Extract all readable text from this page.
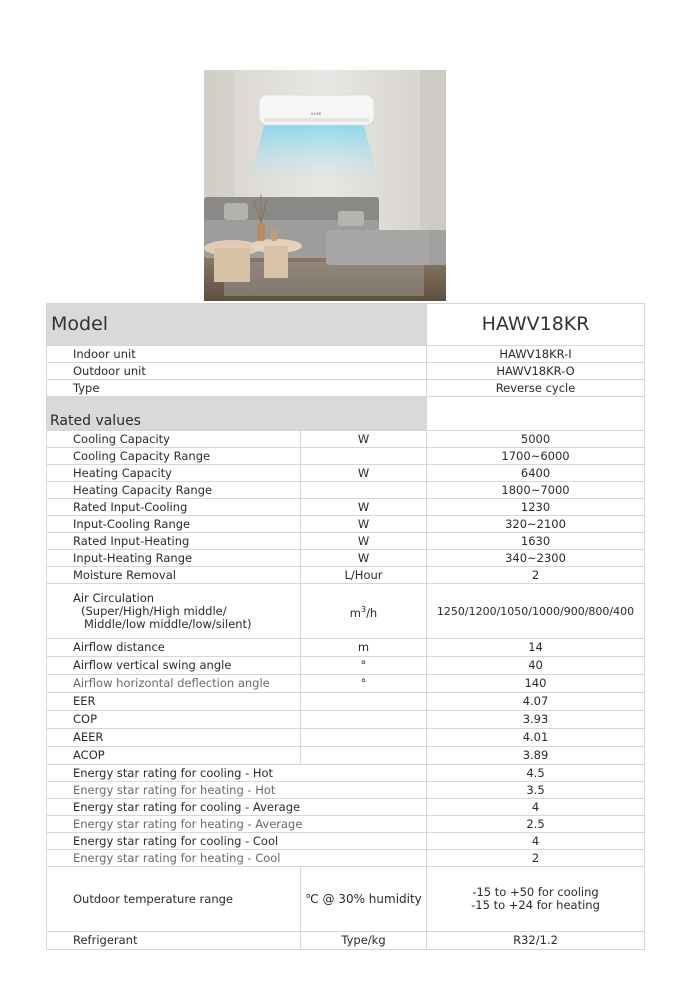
HAIER
Model		HAWV18KR
Indoor unit		HAWV18KR-I
Outdoor unit		HAWV18KR-O
Type		Reverse cycle
Rated values		
Cooling Capacity	W	5000
Cooling Capacity Range		1700~6000
Heating Capacity	W	6400
Heating Capacity Range		1800~7000
Rated Input-Cooling	W	1230
Input-Cooling Range	W	320~2100
Rated Input-Heating	W	1630
Input-Heating Range	W	340~2300
Moisture Removal	L/Hour	2
Air Circulation
(Super/High/High middle/
Middle/low middle/low/silent)	$m^3/h$	1250/1200/1050/1000/900/800/400
Airflow distance	m	14
Airflow vertical swing angle	°	40
Airflow horizontal deflection angle	°	140
EER		4.07
COP		3.93
AEER		4.01
ACOP		3.89
Energy star rating for cooling - Hot		4.5
Energy star rating for heating - Hot		3.5
Energy star rating for cooling - Average		4
Energy star rating for heating - Average		2.5
Energy star rating for cooling - Cool		4
Energy star rating for heating - Cool		2
Outdoor temperature range	℃ @ 30% humidity	-15 to +50 for cooling
-15 to +24 for heating

Refrigerant	Type/kg	R32/1.2
